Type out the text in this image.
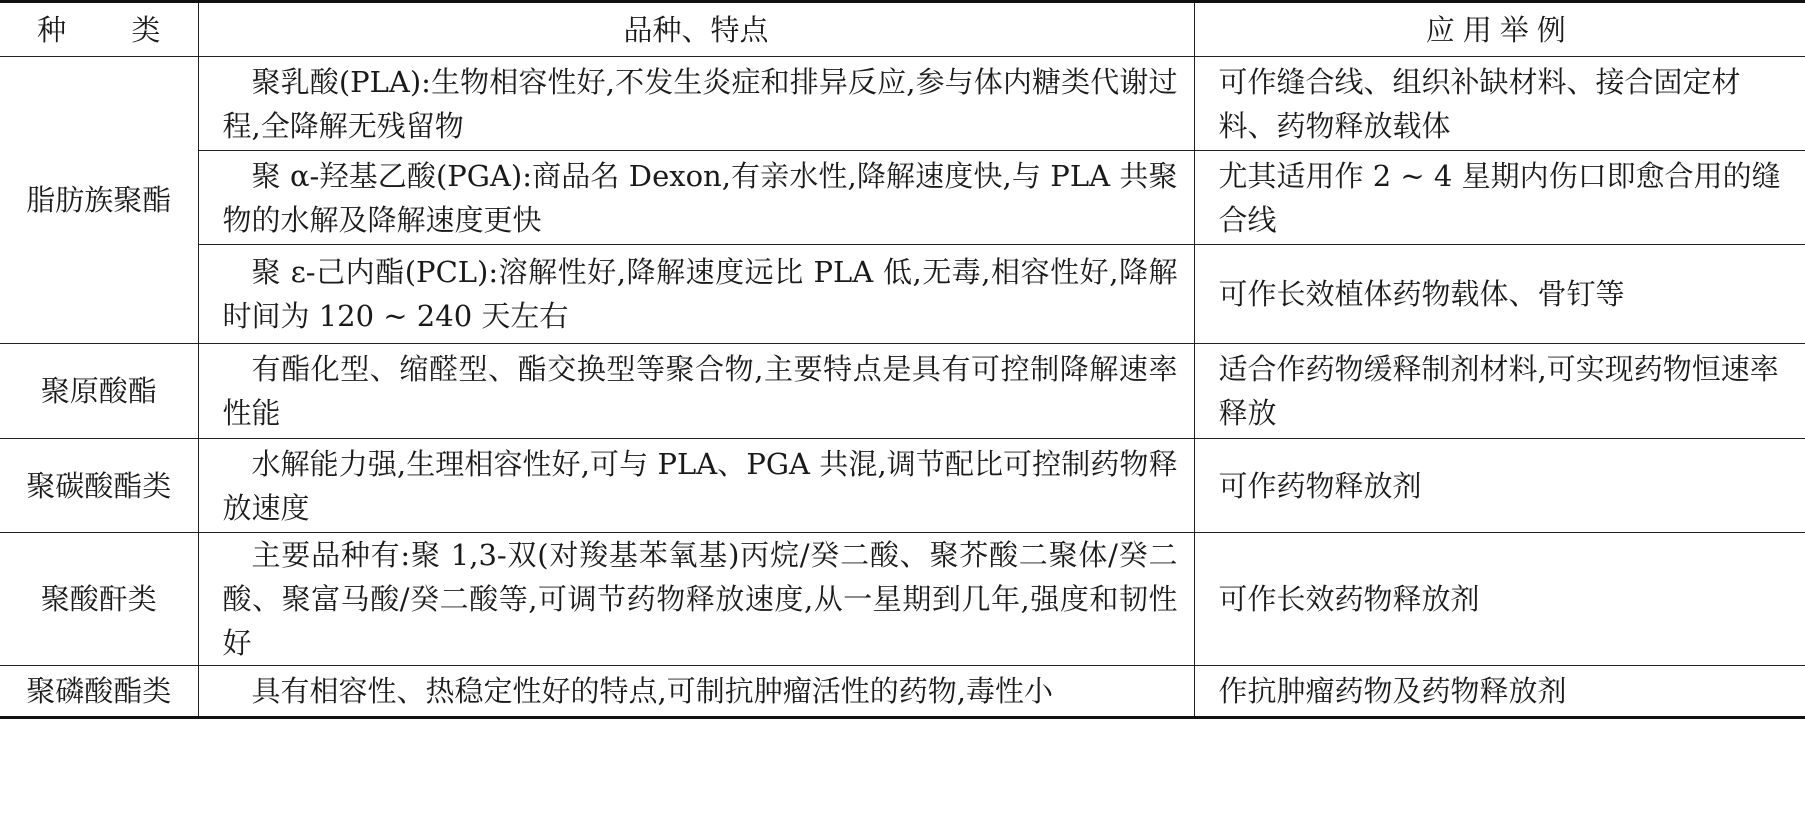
种 类	品种、特点	应用举例
脂肪族聚酯	聚乳酸(PLA):生物相容性好,不发生炎症和排异反应,参与体内糖类代谢过程,全降解无残留物	可作缝合线、组织补缺材料、接合固定材料、药物释放载体
	聚 α-羟基乙酸(PGA):商品名 Dexon,有亲水性,降解速度快,与 PLA 共聚物的水解及降解速度更快	尤其适用作 2 ~ 4 星期内伤口即愈合用的缝合线
	聚 ε-己内酯(PCL):溶解性好,降解速度远比 PLA 低,无毒,相容性好,降解时间为 120 ~ 240 天左右	可作长效植体药物载体、骨钉等
聚原酸酯	有酯化型、缩醛型、酯交换型等聚合物,主要特点是具有可控制降解速率性能	适合作药物缓释制剂材料,可实现药物恒速率释放
聚碳酸酯类	水解能力强,生理相容性好,可与 PLA、PGA 共混,调节配比可控制药物释放速度	可作药物释放剂
聚酸酐类	主要品种有:聚 1,3-双(对羧基苯氧基)丙烷/癸二酸、聚芥酸二聚体/癸二酸、聚富马酸/癸二酸等,可调节药物释放速度,从一星期到几年,强度和韧性好	可作长效药物释放剂
聚磷酸酯类	具有相容性、热稳定性好的特点,可制抗肿瘤活性的药物,毒性小	作抗肿瘤药物及药物释放剂
